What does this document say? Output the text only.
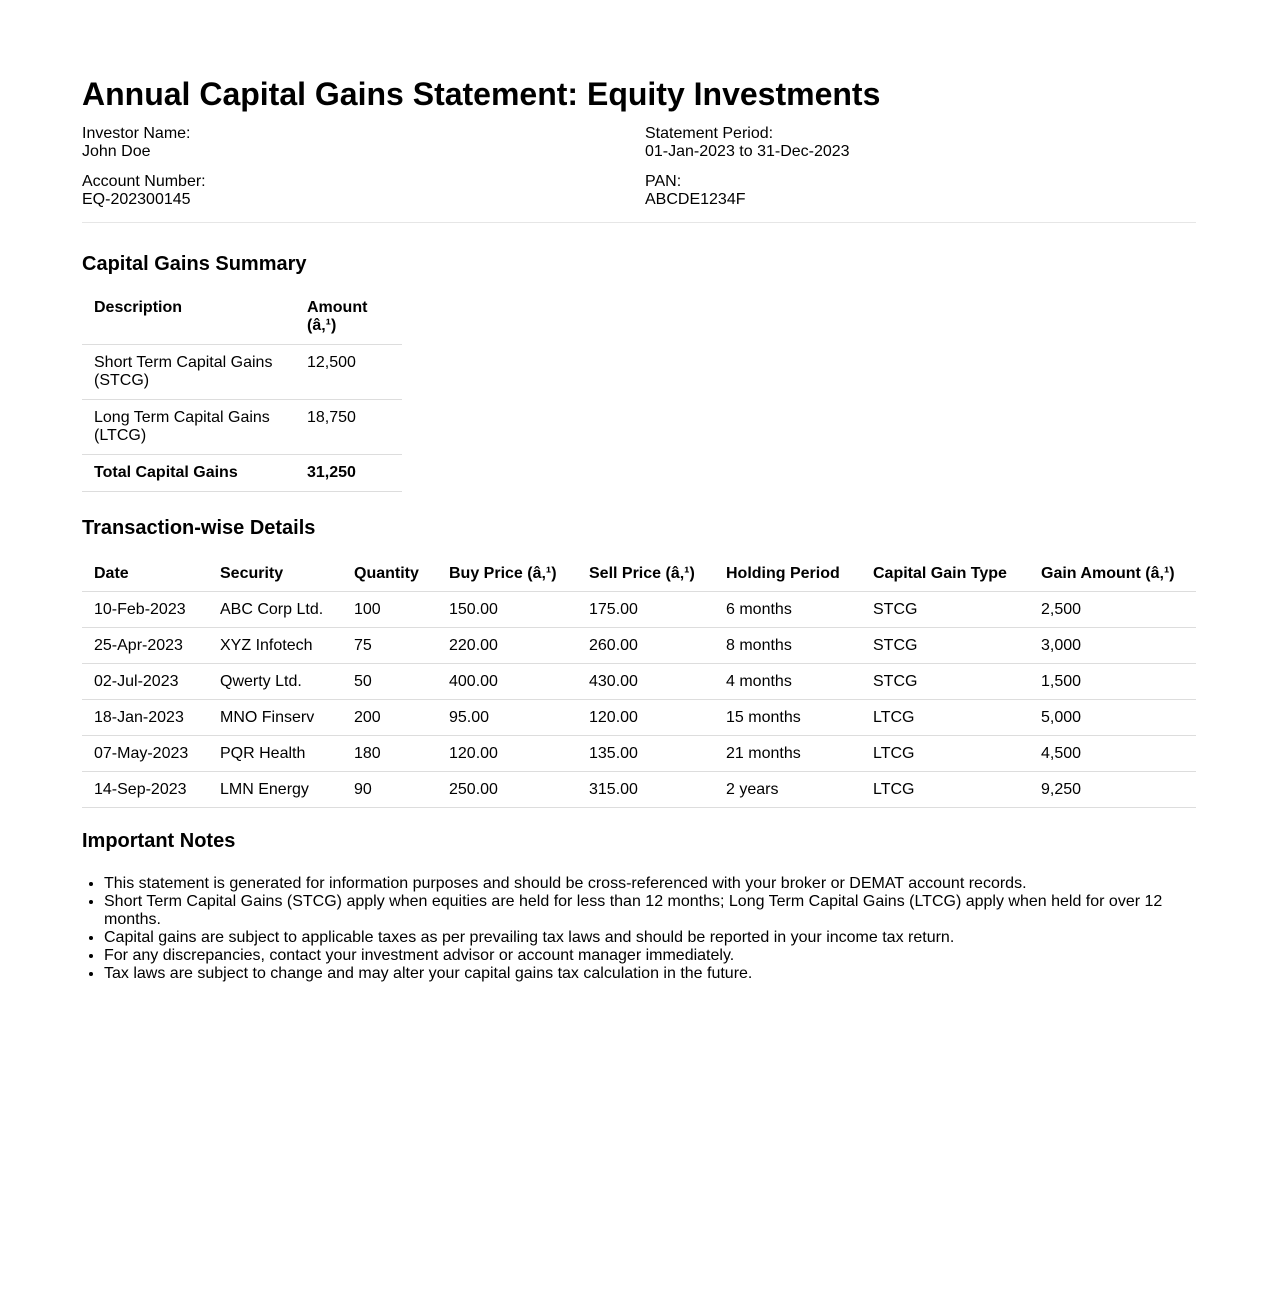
Annual Capital Gains Statement: Equity Investments
Investor Name:
John Doe
Statement Period:
01-Jan-2023 to 31-Dec-2023
Account Number:
EQ-202300145
PAN:
ABCDE1234F
Capital Gains Summary
Description	Amount
(â‚¹)
Short Term Capital Gains (STCG)	12,500
Long Term Capital Gains (LTCG)	18,750
Total Capital Gains	31,250
Transaction-wise Details
Date	Security	Quantity	Buy Price (â‚¹)	Sell Price (â‚¹)	Holding Period	Capital Gain Type	Gain Amount (â‚¹)
10-Feb-2023	ABC Corp Ltd.	100	150.00	175.00	6 months	STCG	2,500
25-Apr-2023	XYZ Infotech	75	220.00	260.00	8 months	STCG	3,000
02-Jul-2023	Qwerty Ltd.	50	400.00	430.00	4 months	STCG	1,500
18-Jan-2023	MNO Finserv	200	95.00	120.00	15 months	LTCG	5,000
07-May-2023	PQR Health	180	120.00	135.00	21 months	LTCG	4,500
14-Sep-2023	LMN Energy	90	250.00	315.00	2 years	LTCG	9,250
Important Notes
• This statement is generated for information purposes and should be cross-referenced with your broker or DEMAT account records.
• Short Term Capital Gains (STCG) apply when equities are held for less than 12 months; Long Term Capital Gains (LTCG) apply when held for over 12 months.
• Capital gains are subject to applicable taxes as per prevailing tax laws and should be reported in your income tax return.
• For any discrepancies, contact your investment advisor or account manager immediately.
• Tax laws are subject to change and may alter your capital gains tax calculation in the future.
